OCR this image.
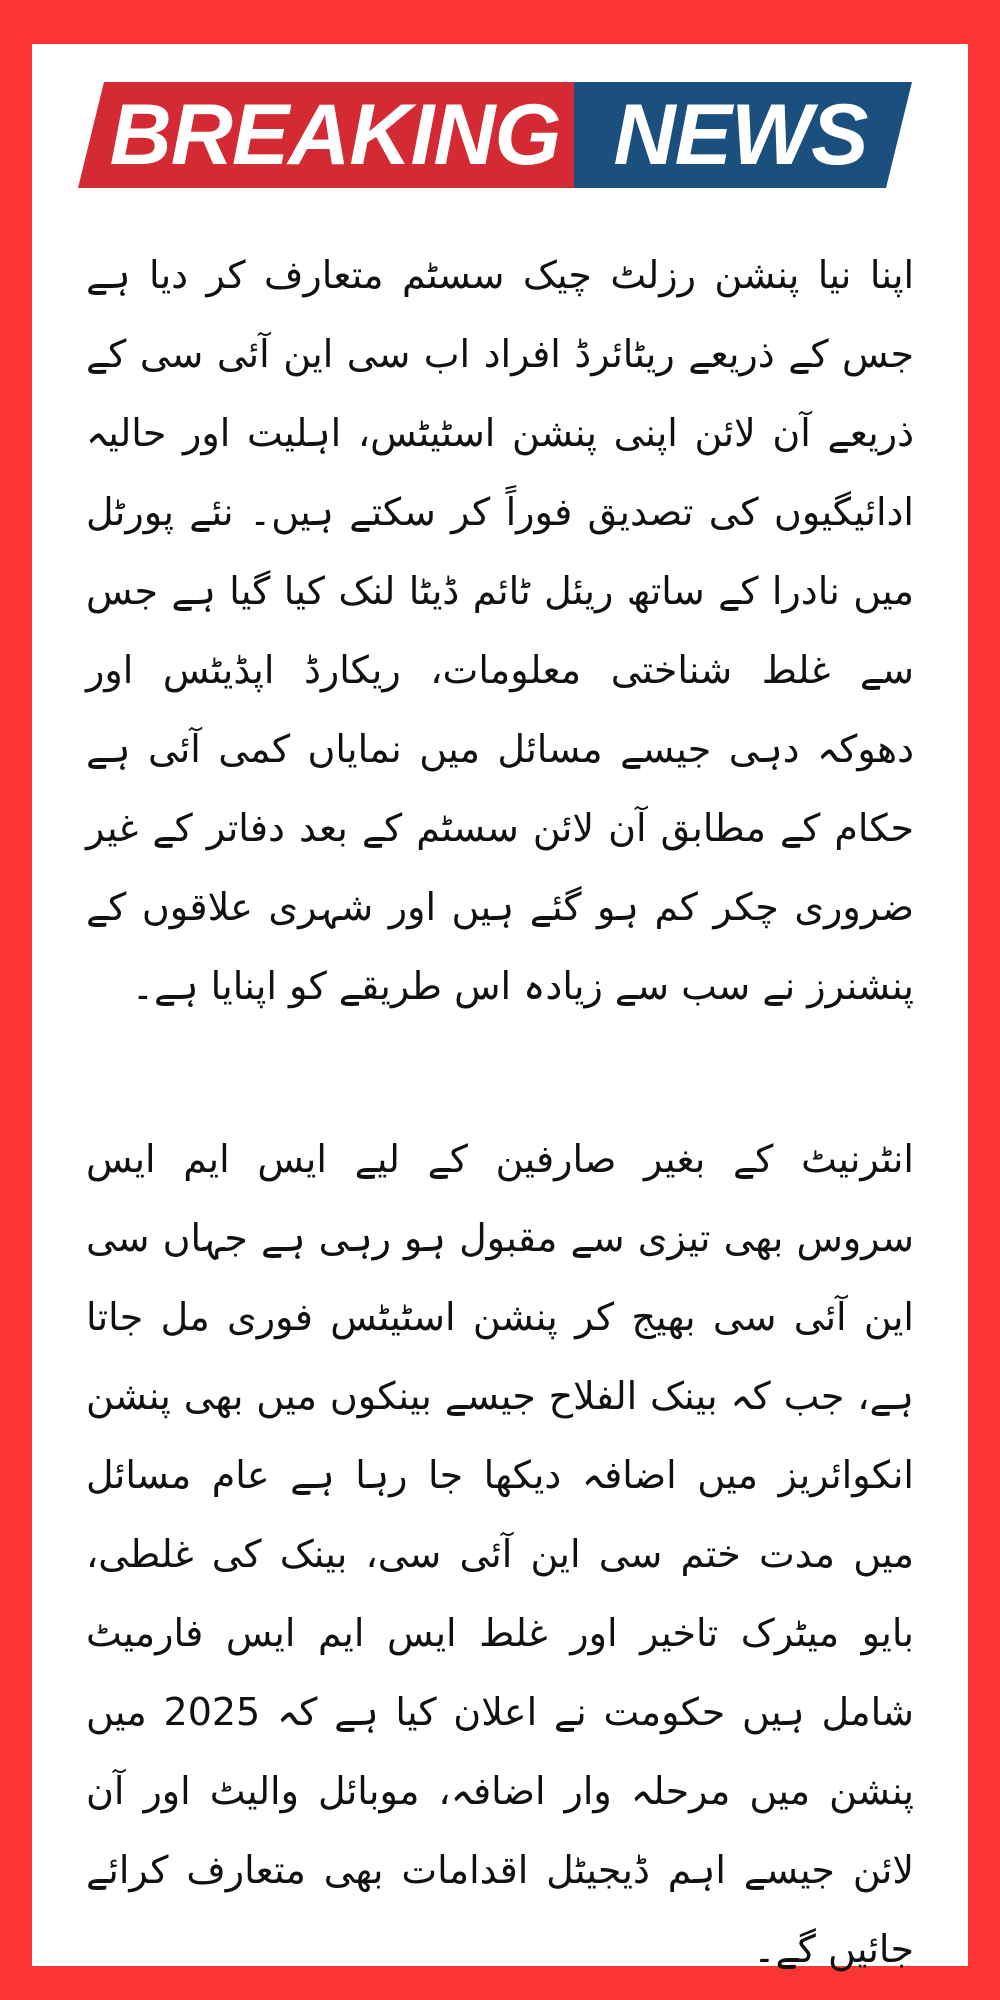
BREAKING NEWS

اپنا نیا پنشن رزلٹ چیک سسٹم متعارف کر دیا ہے جس کے ذریعے ریٹائرڈ افراد اب سی این آئی سی کے ذریعے آن لائن اپنی پنشن اسٹیٹس، اہلیت اور حالیہ ادائیگیوں کی تصدیق فوراً کر سکتے ہیں۔ نئے پورٹل میں نادرا کے ساتھ ریئل ٹائم ڈیٹا لنک کیا گیا ہے جس سے غلط شناختی معلومات، ریکارڈ اپڈیٹس اور دھوکہ دہی جیسے مسائل میں نمایاں کمی آئی ہے حکام کے مطابق آن لائن سسٹم کے بعد دفاتر کے غیر ضروری چکر کم ہو گئے ہیں اور شہری علاقوں کے پنشنرز نے سب سے زیادہ اس طریقے کو اپنایا ہے۔

انٹرنیٹ کے بغیر صارفین کے لیے ایس ایم ایس سروس بھی تیزی سے مقبول ہو رہی ہے جہاں سی این آئی سی بھیج کر پنشن اسٹیٹس فوری مل جاتا ہے، جب کہ بینک الفلاح جیسے بینکوں میں بھی پنشن انکوائریز میں اضافہ دیکھا جا رہا ہے عام مسائل میں مدت ختم سی این آئی سی، بینک کی غلطی، بایو میٹرک تاخیر اور غلط ایس ایم ایس فارمیٹ شامل ہیں حکومت نے اعلان کیا ہے کہ 2025 میں پنشن میں مرحلہ وار اضافہ، موبائل والیٹ اور آن لائن جیسے اہم ڈیجیٹل اقدامات بھی متعارف کرائے جائیں گے۔
